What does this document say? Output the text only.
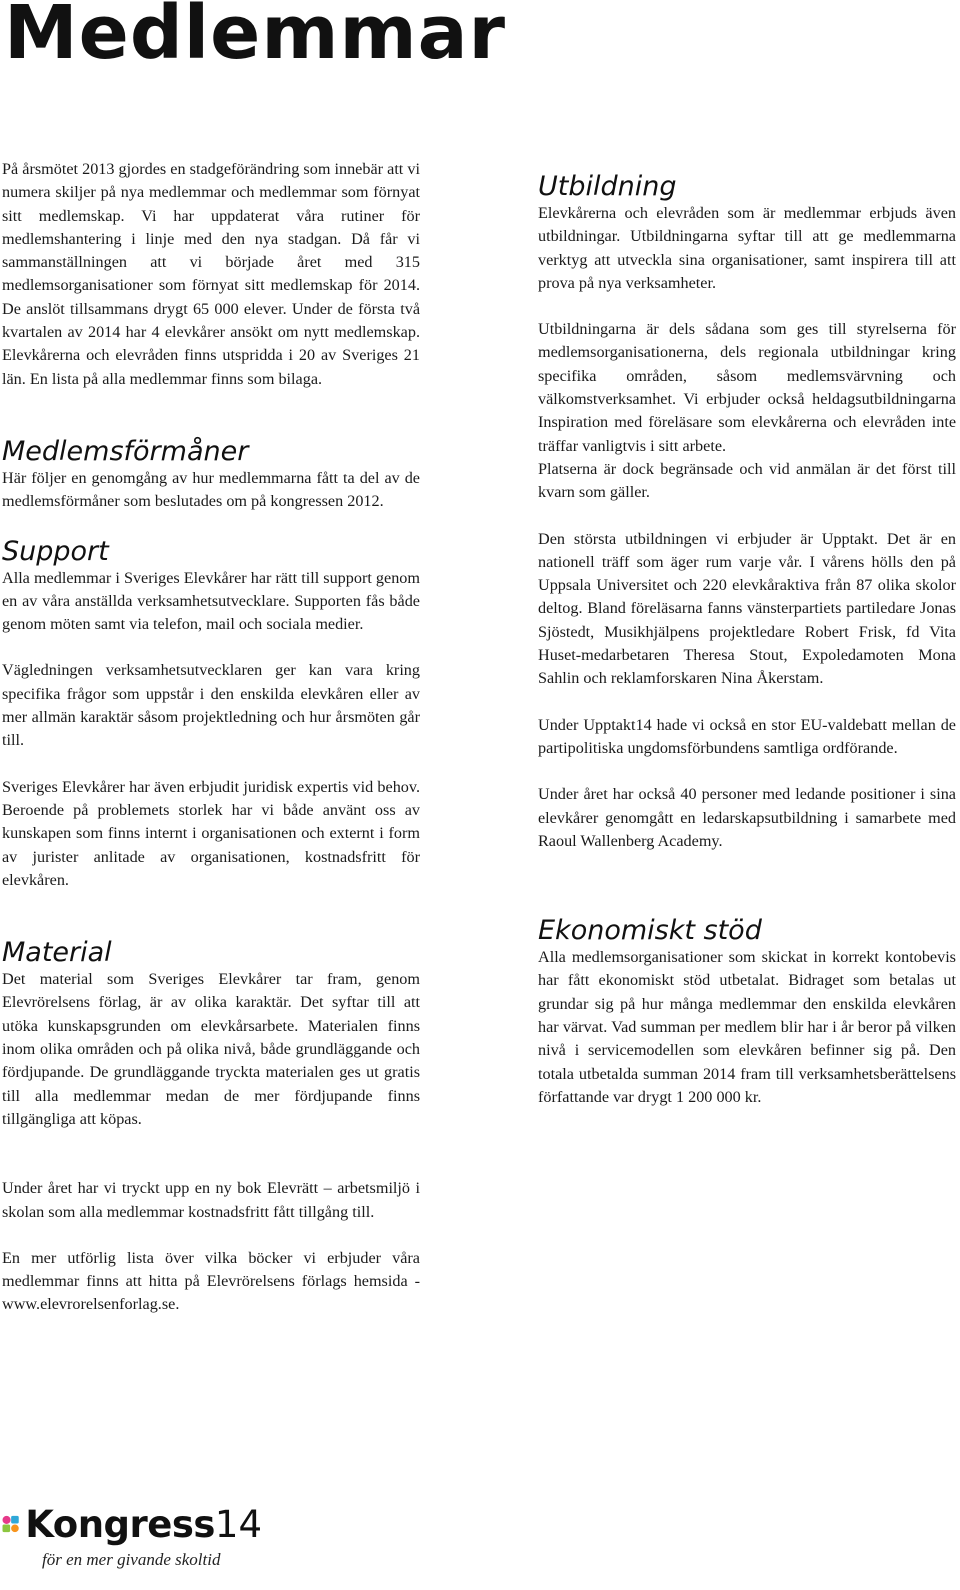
Medlemmar

På årsmötet 2013 gjordes en stadgeförändring som innebär att vi numera skiljer på nya medlemmar och medlemmar som förnyat sitt medlemskap. Vi har uppdaterat våra rutiner för medlemshantering i linje med den nya stadgan. Då får vi sammanställningen att vi började året med 315 medlemsorganisationer som förnyat sitt medlemskap för 2014. De anslöt tillsammans drygt 65 000 elever. Under de första två kvartalen av 2014 har 4 elevkårer ansökt om nytt medlemskap. Elevkårerna och elevråden finns utspridda i 20 av Sveriges 21 län. En lista på alla medlemmar finns som bilaga.

Medlemsförmåner

Här följer en genomgång av hur medlemmarna fått ta del av de medlemsförmåner som beslutades om på kongressen 2012.

Support

Alla medlemmar i Sveriges Elevkårer har rätt till support genom en av våra anställda verksamhetsutvecklare. Supporten fås både genom möten samt via telefon, mail och sociala medier.

Vägledningen verksamhetsutvecklaren ger kan vara kring specifika frågor som uppstår i den enskilda elevkåren eller av mer allmän karaktär såsom projektledning och hur årsmöten går till.

Sveriges Elevkårer har även erbjudit juridisk expertis vid behov. Beroende på problemets storlek har vi både använt oss av kunskapen som finns internt i organisationen och externt i form av jurister anlitade av organisationen, kostnadsfritt för elevkåren.

Material

Det material som Sveriges Elevkårer tar fram, genom Elevrörelsens förlag, är av olika karaktär. Det syftar till att utöka kunskapsgrunden om elevkårsarbete. Materialen finns inom olika områden och på olika nivå, både grundläggande och fördjupande. De grundläggande tryckta materialen ges ut gratis till alla medlemmar medan de mer fördjupande finns tillgängliga att köpas.

Under året har vi tryckt upp en ny bok Elevrätt – arbetsmiljö i skolan som alla medlemmar kostnadsfritt fått tillgång till.

En mer utförlig lista över vilka böcker vi erbjuder våra medlemmar finns att hitta på Elevrörelsens förlags hemsida - www.elevrorelsenforlag.se.

Utbildning

Elevkårerna och elevråden som är medlemmar erbjuds även utbildningar. Utbildningarna syftar till att ge medlemmarna verktyg att utveckla sina organisationer, samt inspirera till att prova på nya verksamheter.

Utbildningarna är dels sådana som ges till styrelserna för medlemsorganisationerna, dels regionala utbildningar kring specifika områden, såsom medlemsvärvning och välkomstverksamhet. Vi erbjuder också heldagsutbildningarna Inspiration med föreläsare som elevkårerna och elevråden inte träffar vanligtvis i sitt arbete.

Platserna är dock begränsade och vid anmälan är det först till kvarn som gäller.

Den största utbildningen vi erbjuder är Upptakt. Det är en nationell träff som äger rum varje vår. I vårens hölls den på Uppsala Universitet och 220 elevkåraktiva från 87 olika skolor deltog. Bland föreläsarna fanns vänsterpartiets partiledare Jonas Sjöstedt, Musikhjälpens projektledare Robert Frisk, fd Vita Huset-medarbetaren Theresa Stout, Expoledamoten Mona Sahlin och reklamforskaren Nina Åkerstam.

Under Upptakt14 hade vi också en stor EU-valdebatt mellan de partipolitiska ungdomsförbundens samtliga ordförande.

Under året har också 40 personer med ledande positioner i sina elevkårer genomgått en ledarskapsutbildning i samarbete med Raoul Wallenberg Academy.

Ekonomiskt stöd

Alla medlemsorganisationer som skickat in korrekt kontobevis har fått ekonomiskt stöd utbetalat. Bidraget som betalas ut grundar sig på hur många medlemmar den enskilda elevkåren har värvat. Vad summan per medlem blir har i år beror på vilken nivå i servicemodellen som elevkåren befinner sig på. Den totala utbetalda summan 2014 fram till verksamhetsberättelsens författande var drygt 1 200 000 kr.

Kongress 14
för en mer givande skoltid
